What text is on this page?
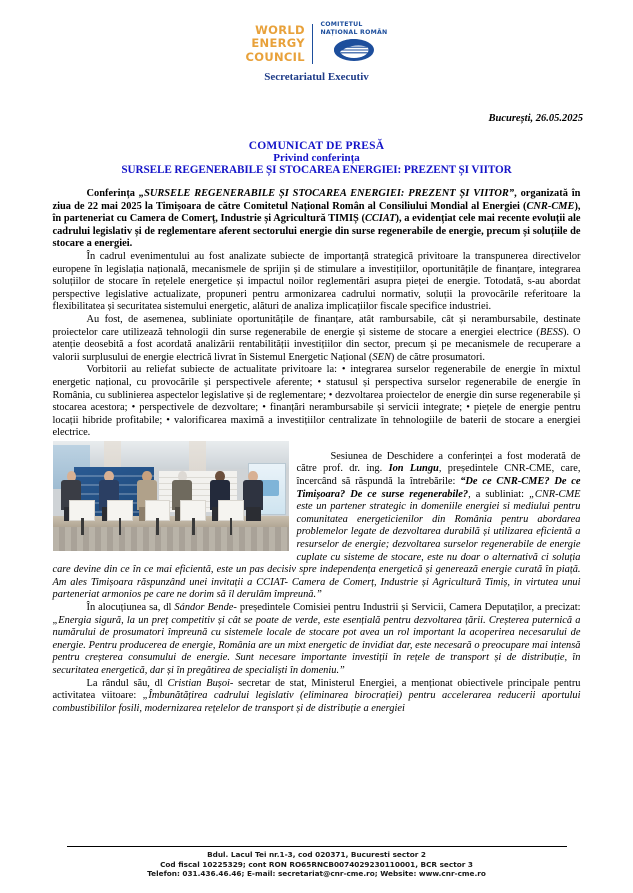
WORLD
ENERGY
COUNCIL
COMITETUL
NAȚIONAL ROMÂN
Secretariatul Executiv
București, 26.05.2025
COMUNICAT DE PRESĂ
Privind conferința
SURSELE REGENERABILE ȘI STOCAREA ENERGIEI: PREZENT ȘI VIITOR

Conferința „SURSELE REGENERABILE ȘI STOCAREA ENERGIEI: PREZENT ȘI VIITOR”, organizată în ziua de 22 mai 2025 la Timișoara de către Comitetul Național Român al Consiliului Mondial al Energiei (CNR-CME), în parteneriat cu Camera de Comerț, Industrie și Agricultură TIMIȘ (CCIAT), a evidențiat cele mai recente evoluții ale cadrului legislativ și de reglementare aferent sectorului energie din surse regenerabile de energie, precum și soluțiile de stocare a energiei.

În cadrul evenimentului au fost analizate subiecte de importanță strategică privitoare la transpunerea directivelor europene în legislația națională, mecanismele de sprijin și de stimulare a investițiilor, oportunitățile de finanțare, integrarea soluțiilor de stocare în rețelele energetice și impactul noilor reglementări asupra pieței de energie. Totodată, s-au abordat perspective legislative actualizate, propuneri pentru armonizarea cadrului normativ, soluții la provocările referitoare la flexibilitatea și securitatea sistemului energetic, alături de analiza implicațiilor fiscale specifice industriei.

Au fost, de asemenea, subliniate oportunitățile de finanțare, atât rambursabile, cât și nerambursabile, destinate proiectelor care utilizează tehnologii din surse regenerabile de energie și sisteme de stocare a energiei electrice (BESS). O atenție deosebită a fost acordată analizării rentabilității investițiilor din sector, precum și pe mecanismele de recuperare a valorii surplusului de energie electrică livrat în Sistemul Energetic Național (SEN) de către prosumatori.

Vorbitorii au reliefat subiecte de actualitate privitoare la: • integrarea surselor regenerabile de energie în mixtul energetic național, cu provocările și perspectivele aferente; • statusul și perspectiva surselor regenerabile de energie în România, cu sublinierea aspectelor legislative și de reglementare; • dezvoltarea proiectelor de energie din surse regenerabile și stocarea acestora; • perspectivele de dezvoltare; • finanțări nerambursabile și servicii integrate; • piețele de energie pentru locații hibride profitabile; • valorificarea maximă a investițiilor centralizate în tehnologiile de baterii de stocare a energiei electrice.

Sesiunea de Deschidere a conferinței a fost moderată de către prof. dr. ing. Ion Lungu, președintele CNR-CME, care, încercând să răspundă la întrebările: “De ce CNR-CME? De ce Timișoara? De ce surse regenerabile?, a subliniat: „CNR-CME este un partener strategic in domeniile energiei si mediului pentru comunitatea energeticienilor din România pentru abordarea problemelor legate de dezvoltarea durabilă și utilizarea eficientă a resurselor de energie; dezvoltarea surselor regenerabile de energie cuplate cu sisteme de stocare, este nu doar o alternativă ci soluția care devine din ce în ce mai eficientă, este un pas decisiv spre independența energetică și generează energie curată în piață. Am ales Timișoara răspunzând unei invitații a CCIAT- Camera de Comerț, Industrie și Agricultură Timiș, in virtutea unui parteneriat armonios pe care ne dorim să îl derulăm împreună.”

În alocuțiunea sa, dl Sándor Bende- președintele Comisiei pentru Industrii și Servicii, Camera Deputaților, a precizat: „Energia sigură, la un preț competitiv și cât se poate de verde, este esențială pentru dezvoltarea țării. Creșterea puternică a numărului de prosumatori împreună cu sistemele locale de stocare pot avea un rol important la acoperirea necesarului de energie. Pentru producerea de energie, România are un mixt energetic de invidiat dar, este necesară o preocupare mai intensă pentru creșterea consumului de energie. Sunt necesare importante investiții în rețele de transport și de distribuție, în securitatea energetică, dar și în pregătirea de specialiști în domeniu.”

La rândul său, dl Cristian Bușoi- secretar de stat, Ministerul Energiei, a menționat obiectivele principale pentru activitatea viitoare: „Îmbunătățirea cadrului legislativ (eliminarea birocrației) pentru accelerarea reducerii aportului combustibililor fosili, modernizarea rețelelor de transport și de distribuție a energiei

Bdul. Lacul Tei nr.1-3, cod 020371, Bucuresti sector 2
Cod fiscal 10225329; cont RON RO65RNCB0074029230110001, BCR sector 3
Telefon: 031.436.46.46; E-mail: secretariat@cnr-cme.ro; Website: www.cnr-cme.ro
